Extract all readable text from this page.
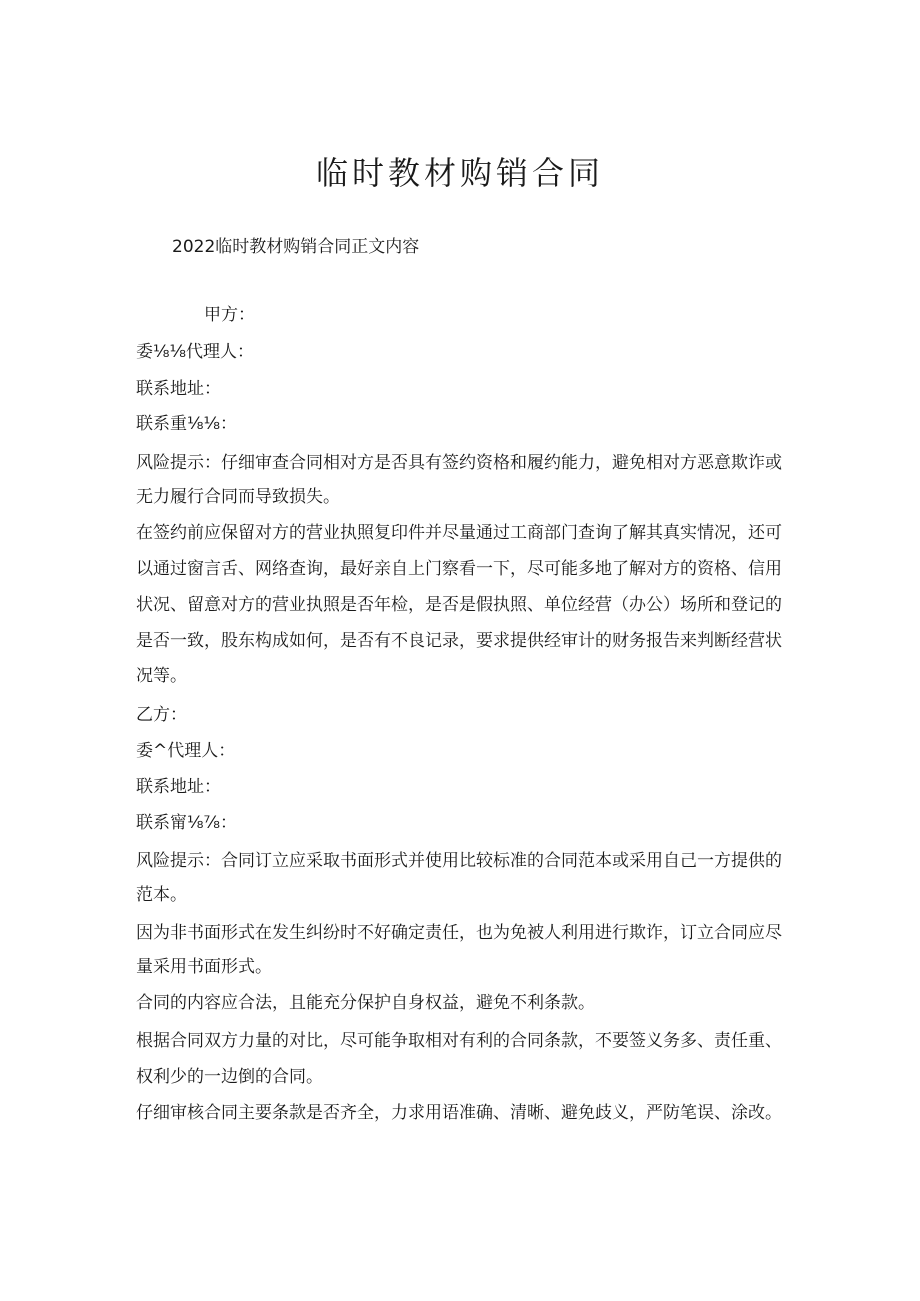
临时教材购销合同
2022临时教材购销合同正文内容
甲方：
委⅛⅛代理人：
联系地址：
联系重⅛⅛：
风险提示：仔细审查合同相对方是否具有签约资格和履约能力，避免相对方恶意欺诈或
无力履行合同而导致损失。
在签约前应保留对方的营业执照复印件并尽量通过工商部门查询了解其真实情况，还可
以通过窗言舌、网络查询，最好亲自上门察看一下，尽可能多地了解对方的资格、信用
状况、留意对方的营业执照是否年检，是否是假执照、单位经营（办公）场所和登记的
是否一致，股东构成如何，是否有不良记录，要求提供经审计的财务报告来判断经营状
况等。
乙方：
委^代理人：
联系地址：
联系甯⅛⅞：
风险提示：合同订立应采取书面形式并使用比较标准的合同范本或采用自己一方提供的
范本。
因为非书面形式在发生纠纷时不好确定责任，也为免被人利用进行欺诈，订立合同应尽
量采用书面形式。
合同的内容应合法，且能充分保护自身权益，避免不利条款。
根据合同双方力量的对比，尽可能争取相对有利的合同条款，不要签义务多、责任重、
权利少的一边倒的合同。
仔细审核合同主要条款是否齐全，力求用语准确、清晰、避免歧义，严防笔误、涂改。
